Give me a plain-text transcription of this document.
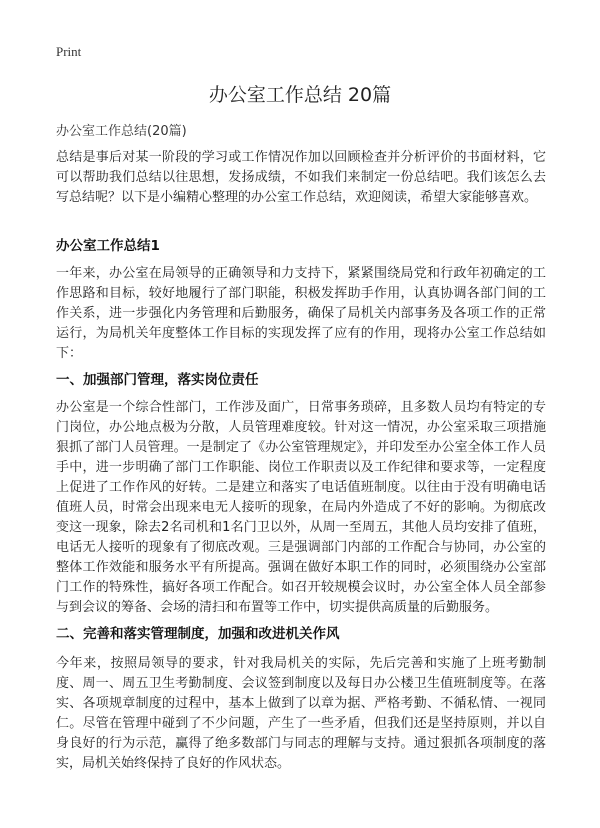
Print
办公室工作总结 20篇
办公室工作总结(20篇)

总结是事后对某一阶段的学习或工作情况作加以回顾检查并分析评价的书面材料，它可以帮助我们总结以往思想，发扬成绩，不如我们来制定一份总结吧。我们该怎么去写总结呢？以下是小编精心整理的办公室工作总结，欢迎阅读，希望大家能够喜欢。

办公室工作总结1

一年来，办公室在局领导的正确领导和力支持下，紧紧围绕局党和行政年初确定的工作思路和目标，较好地履行了部门职能，积极发挥助手作用，认真协调各部门间的工作关系，进一步强化内务管理和后勤服务，确保了局机关内部事务及各项工作的正常运行，为局机关年度整体工作目标的实现发挥了应有的作用，现将办公室工作总结如下：

一、加强部门管理，落实岗位责任

办公室是一个综合性部门，工作涉及面广，日常事务琐碎，且多数人员均有特定的专门岗位，办公地点极为分散，人员管理难度较。针对这一情况，办公室采取三项措施狠抓了部门人员管理。一是制定了《办公室管理规定》，并印发至办公室全体工作人员手中，进一步明确了部门工作职能、岗位工作职责以及工作纪律和要求等，一定程度上促进了工作作风的好转。二是建立和落实了电话值班制度。以往由于没有明确电话值班人员，时常会出现来电无人接听的现象，在局内外造成了不好的影响。为彻底改变这一现象，除去2名司机和1名门卫以外，从周一至周五，其他人员均安排了值班，电话无人接听的现象有了彻底改观。三是强调部门内部的工作配合与协同，办公室的整体工作效能和服务水平有所提高。强调在做好本职工作的同时，必须围绕办公室部门工作的特殊性，搞好各项工作配合。如召开较规模会议时，办公室全体人员全部参与到会议的筹备、会场的清扫和布置等工作中，切实提供高质量的后勤服务。

二、完善和落实管理制度，加强和改进机关作风

今年来，按照局领导的要求，针对我局机关的实际，先后完善和实施了上班考勤制度、周一、周五卫生考勤制度、会议签到制度以及每日办公楼卫生值班制度等。在落实、各项规章制度的过程中，基本上做到了以章为据、严格考勤、不循私情、一视同仁。尽管在管理中碰到了不少问题，产生了一些矛盾，但我们还是坚持原则，并以自身良好的行为示范，赢得了绝多数部门与同志的理解与支持。通过狠抓各项制度的落实，局机关始终保持了良好的作风状态。
